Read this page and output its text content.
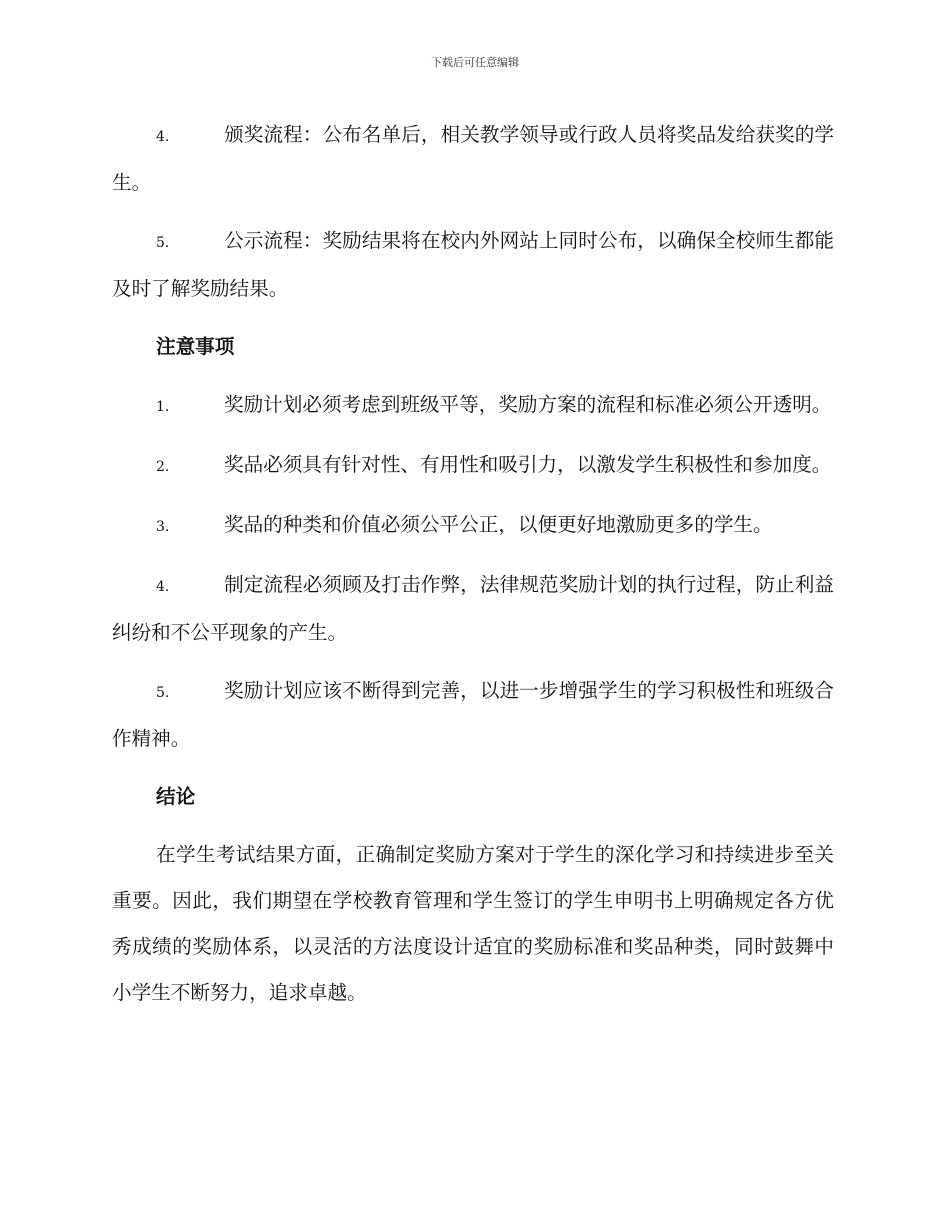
下载后可任意编辑

4.	颁奖流程：公布名单后，相关教学领导或行政人员将奖品发给获奖的学生。

5.	公示流程：奖励结果将在校内外网站上同时公布，以确保全校师生都能及时了解奖励结果。

注意事项

1.	奖励计划必须考虑到班级平等，奖励方案的流程和标准必须公开透明。

2.	奖品必须具有针对性、有用性和吸引力，以激发学生积极性和参加度。

3.	奖品的种类和价值必须公平公正，以便更好地激励更多的学生。

4.	制定流程必须顾及打击作弊，法律规范奖励计划的执行过程，防止利益纠纷和不公平现象的产生。

5.	奖励计划应该不断得到完善，以进一步增强学生的学习积极性和班级合作精神。

结论

在学生考试结果方面，正确制定奖励方案对于学生的深化学习和持续进步至关重要。因此，我们期望在学校教育管理和学生签订的学生申明书上明确规定各方优秀成绩的奖励体系，以灵活的方法度设计适宜的奖励标准和奖品种类，同时鼓舞中小学生不断努力，追求卓越。
